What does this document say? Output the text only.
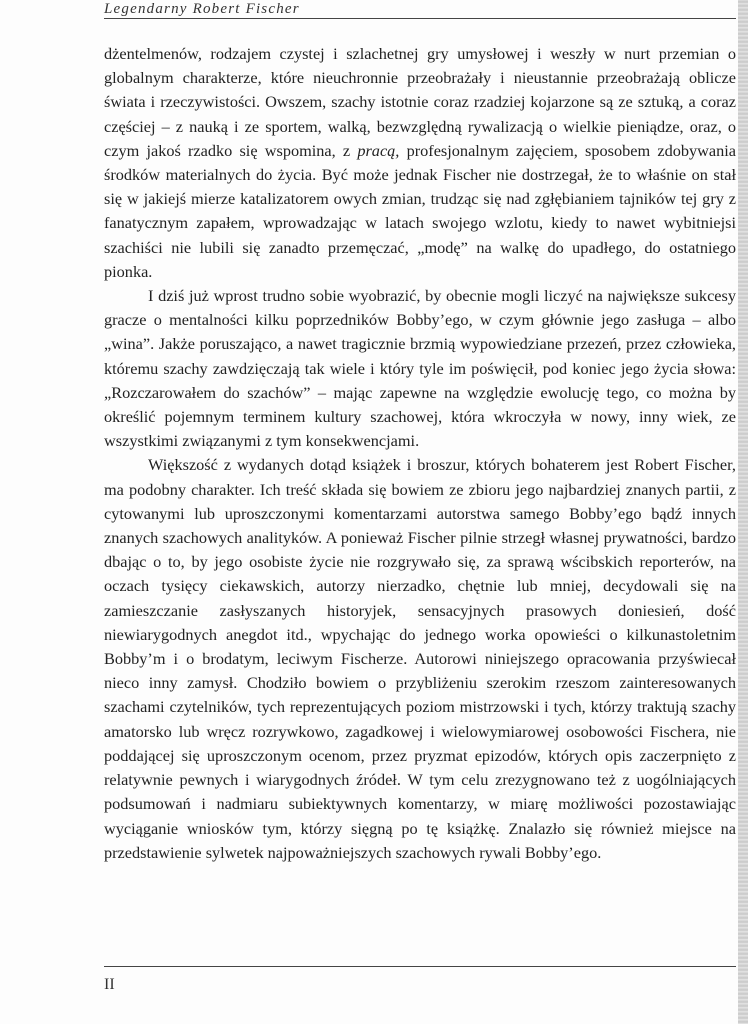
Legendarny Robert Fischer

dżentelmenów, rodzajem czystej i szlachetnej gry umysłowej i weszły w nurt przemian o globalnym charakterze, które nieuchronnie przeobrażały i nieustannie przeobrażają oblicze świata i rzeczywistości. Owszem, szachy istotnie coraz rzadziej kojarzone są ze sztuką, a coraz częściej – z nauką i ze sportem, walką, bezwzględną rywalizacją o wielkie pieniądze, oraz, o czym jakoś rzadko się wspomina, z pracą, profesjonalnym zajęciem, sposobem zdobywania środków materialnych do życia. Być może jednak Fischer nie dostrzegał, że to właśnie on stał się w jakiejś mierze katalizatorem owych zmian, trudząc się nad zgłębianiem tajników tej gry z fanatycznym zapałem, wprowadzając w latach swojego wzlotu, kiedy to nawet wybitniejsi szachiści nie lubili się zanadto przemęczać, „modę” na walkę do upadłego, do ostatniego pionka.

I dziś już wprost trudno sobie wyobrazić, by obecnie mogli liczyć na największe sukcesy gracze o mentalności kilku poprzedników Bobby’ego, w czym głównie jego zasługa – albo „wina”. Jakże poruszająco, a nawet tragicznie brzmią wypowiedziane przezeń, przez człowieka, któremu szachy zawdzięczają tak wiele i który tyle im poświęcił, pod koniec jego życia słowa: „Rozczarowałem do szachów” – mając zapewne na względzie ewolucję tego, co można by określić pojemnym terminem kultury szachowej, która wkroczyła w nowy, inny wiek, ze wszystkimi związanymi z tym konsekwencjami.

Większość z wydanych dotąd książek i broszur, których bohaterem jest Robert Fischer, ma podobny charakter. Ich treść składa się bowiem ze zbioru jego najbardziej znanych partii, z cytowanymi lub uproszczonymi komentarzami autorstwa samego Bobby’ego bądź innych znanych szachowych analityków. A ponieważ Fischer pilnie strzegł własnej prywatności, bardzo dbając o to, by jego osobiste życie nie rozgrywało się, za sprawą wścibskich reporterów, na oczach tysięcy ciekawskich, autorzy nierzadko, chętnie lub mniej, decydowali się na zamieszczanie zasłyszanych historyjek, sensacyjnych prasowych doniesień, dość niewiarygodnych anegdot itd., wpychając do jednego worka opowieści o kilkunastoletnim Bobby’m i o brodatym, leciwym Fischerze. Autorowi niniejszego opracowania przyświecał nieco inny zamysł. Chodziło bowiem o przybliżeniu szerokim rzeszom zainteresowanych szachami czytelników, tych reprezentujących poziom mistrzowski i tych, którzy traktują szachy amatorsko lub wręcz rozrywkowo, zagadkowej i wielowymiarowej osobowości Fischera, nie poddającej się uproszczonym ocenom, przez pryzmat epizodów, których opis zaczerpnięto z relatywnie pewnych i wiarygodnych źródeł. W tym celu zrezygnowano też z uogólniających podsumowań i nadmiaru subiektywnych komentarzy, w miarę możliwości pozostawiając wyciąganie wniosków tym, którzy sięgną po tę książkę. Znalazło się również miejsce na przedstawienie sylwetek najpoważniejszych szachowych rywali Bobby’ego.

II
